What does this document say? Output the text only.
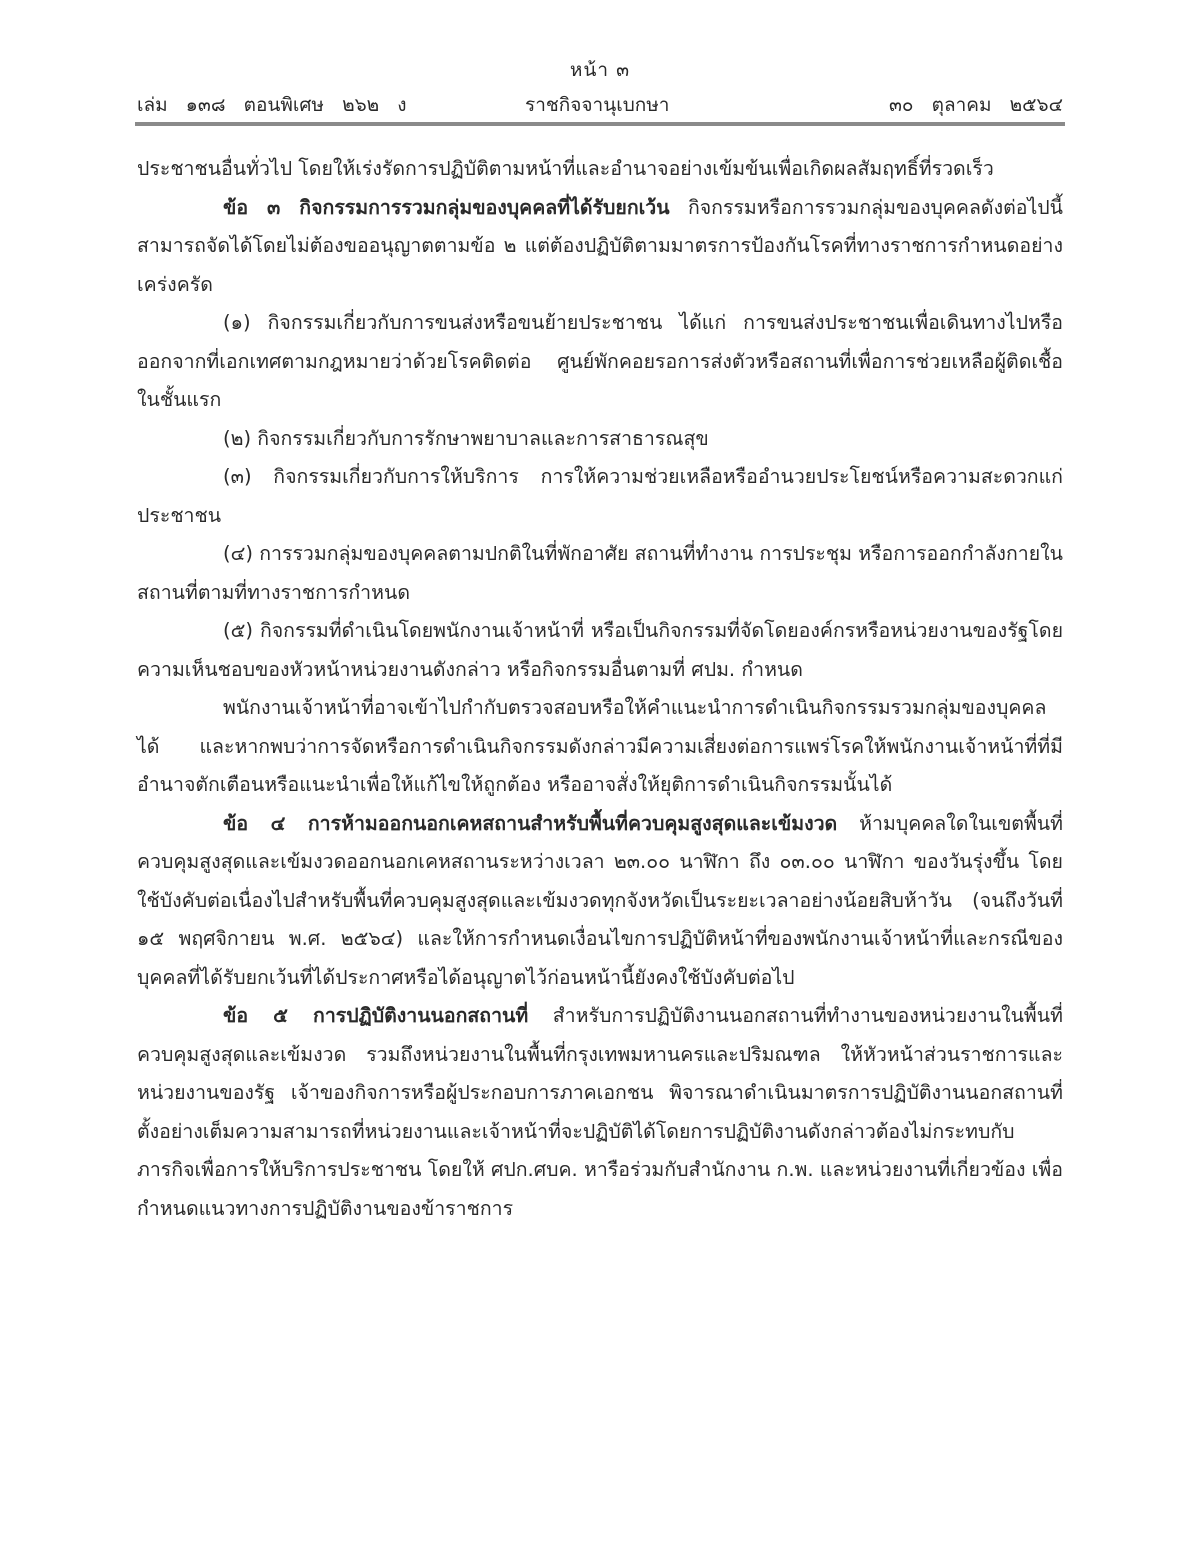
หน้า ๓
เล่ม   ๑๓๘   ตอนพิเศษ   ๒๖๒   ง	ราชกิจจานุเบกษา	๓๐   ตุลาคม   ๒๕๖๔

ประชาชนอื่นทั่วไป โดยให้เร่งรัดการปฏิบัติตามหน้าที่และอำนาจอย่างเข้มข้นเพื่อเกิดผลสัมฤทธิ์ที่รวดเร็ว

ข้อ ๓ กิจกรรมการรวมกลุ่มของบุคคลที่ได้รับยกเว้น กิจกรรมหรือการรวมกลุ่มของบุคคลดังต่อไปนี้สามารถจัดได้โดยไม่ต้องขออนุญาตตามข้อ ๒ แต่ต้องปฏิบัติตามมาตรการป้องกันโรคที่ทางราชการกำหนดอย่างเคร่งครัด

(๑) กิจกรรมเกี่ยวกับการขนส่งหรือขนย้ายประชาชน ได้แก่ การขนส่งประชาชนเพื่อเดินทางไปหรือออกจากที่เอกเทศตามกฎหมายว่าด้วยโรคติดต่อ ศูนย์พักคอยรอการส่งตัวหรือสถานที่เพื่อการช่วยเหลือผู้ติดเชื้อในชั้นแรก

(๒) กิจกรรมเกี่ยวกับการรักษาพยาบาลและการสาธารณสุข

(๓) กิจกรรมเกี่ยวกับการให้บริการ การให้ความช่วยเหลือหรืออำนวยประโยชน์หรือความสะดวกแก่ประชาชน

(๔) การรวมกลุ่มของบุคคลตามปกติในที่พักอาศัย สถานที่ทำงาน การประชุม หรือการออกกำลังกายในสถานที่ตามที่ทางราชการกำหนด

(๕) กิจกรรมที่ดำเนินโดยพนักงานเจ้าหน้าที่ หรือเป็นกิจกรรมที่จัดโดยองค์กรหรือหน่วยงานของรัฐโดยความเห็นชอบของหัวหน้าหน่วยงานดังกล่าว หรือกิจกรรมอื่นตามที่ ศปม. กำหนด

พนักงานเจ้าหน้าที่อาจเข้าไปกำกับตรวจสอบหรือให้คำแนะนำการดำเนินกิจกรรมรวมกลุ่มของบุคคลได้ และหากพบว่าการจัดหรือการดำเนินกิจกรรมดังกล่าวมีความเสี่ยงต่อการแพร่โรคให้พนักงานเจ้าหน้าที่ที่มีอำนาจตักเตือนหรือแนะนำเพื่อให้แก้ไขให้ถูกต้อง หรืออาจสั่งให้ยุติการดำเนินกิจกรรมนั้นได้

ข้อ ๔ การห้ามออกนอกเคหสถานสำหรับพื้นที่ควบคุมสูงสุดและเข้มงวด ห้ามบุคคลใดในเขตพื้นที่ควบคุมสูงสุดและเข้มงวดออกนอกเคหสถานระหว่างเวลา ๒๓.๐๐ นาฬิกา ถึง ๐๓.๐๐ นาฬิกา ของวันรุ่งขึ้น โดยใช้บังคับต่อเนื่องไปสำหรับพื้นที่ควบคุมสูงสุดและเข้มงวดทุกจังหวัดเป็นระยะเวลาอย่างน้อยสิบห้าวัน (จนถึงวันที่ ๑๕ พฤศจิกายน พ.ศ. ๒๕๖๔) และให้การกำหนดเงื่อนไขการปฏิบัติหน้าที่ของพนักงานเจ้าหน้าที่และกรณีของบุคคลที่ได้รับยกเว้นที่ได้ประกาศหรือได้อนุญาตไว้ก่อนหน้านี้ยังคงใช้บังคับต่อไป

ข้อ ๕ การปฏิบัติงานนอกสถานที่ สำหรับการปฏิบัติงานนอกสถานที่ทำงานของหน่วยงานในพื้นที่ควบคุมสูงสุดและเข้มงวด รวมถึงหน่วยงานในพื้นที่กรุงเทพมหานครและปริมณฑล ให้หัวหน้าส่วนราชการและหน่วยงานของรัฐ เจ้าของกิจการหรือผู้ประกอบการภาคเอกชน พิจารณาดำเนินมาตรการปฏิบัติงานนอกสถานที่ตั้งอย่างเต็มความสามารถที่หน่วยงานและเจ้าหน้าที่จะปฏิบัติได้โดยการปฏิบัติงานดังกล่าวต้องไม่กระทบกับภารกิจเพื่อการให้บริการประชาชน โดยให้ ศปก.ศบค. หารือร่วมกับสำนักงาน ก.พ. และหน่วยงานที่เกี่ยวข้อง เพื่อกำหนดแนวทางการปฏิบัติงานของข้าราชการ
